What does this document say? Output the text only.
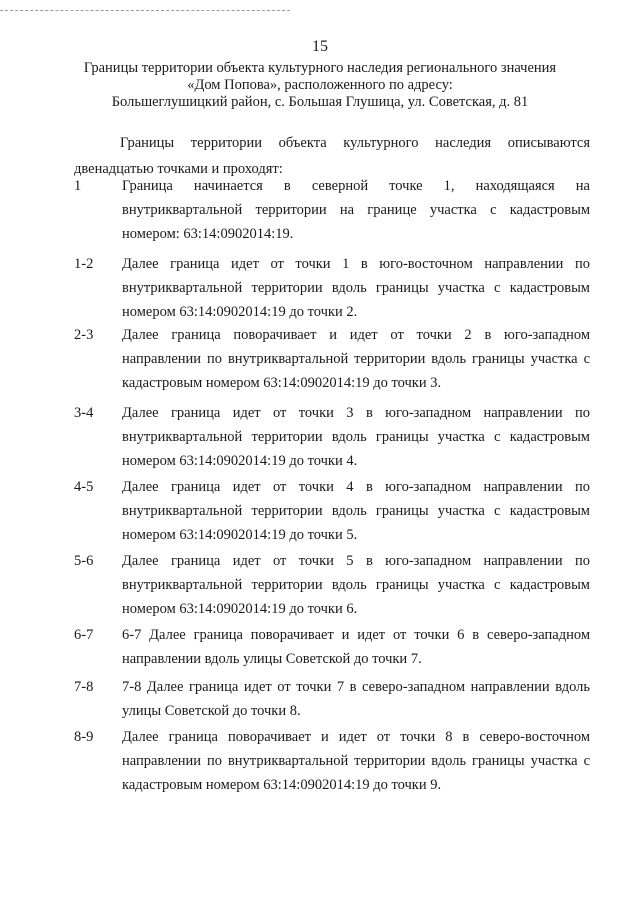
15
Границы территории объекта культурного наследия регионального значения
«Дом Попова», расположенного по адресу:
Большеглушицкий район, с. Большая Глушица, ул. Советская, д. 81
Границы территории объекта культурного наследия описываются двенадцатью точками и проходят:
1	Граница начинается в северной точке 1, находящаяся на внутриквартальной территории на границе участка с кадастровым номером: 63:14:0902014:19.
1-2	Далее граница идет от точки 1 в юго-восточном направлении по внутриквартальной территории вдоль границы участка с кадастровым номером 63:14:0902014:19 до точки 2.
2-3	Далее граница поворачивает и идет от точки 2 в юго-западном направлении по внутриквартальной территории вдоль границы участка с кадастровым номером 63:14:0902014:19 до точки 3.
3-4	Далее граница идет от точки 3 в юго-западном направлении по внутриквартальной территории вдоль границы участка с кадастровым номером 63:14:0902014:19 до точки 4.
4-5	Далее граница идет от точки 4 в юго-западном направлении по внутриквартальной территории вдоль границы участка с кадастровым номером 63:14:0902014:19 до точки 5.
5-6	Далее граница идет от точки 5 в юго-западном направлении по внутриквартальной территории вдоль границы участка с кадастровым номером 63:14:0902014:19 до точки 6.
6-7	6-7 Далее граница поворачивает и идет от точки 6 в северо-западном направлении вдоль улицы Советской до точки 7.
7-8	7-8 Далее граница идет от точки 7 в северо-западном направлении вдоль улицы Советской до точки 8.
8-9	Далее граница поворачивает и идет от точки 8 в северо-восточном направлении по внутриквартальной территории вдоль границы участка с кадастровым номером 63:14:0902014:19 до точки 9.
